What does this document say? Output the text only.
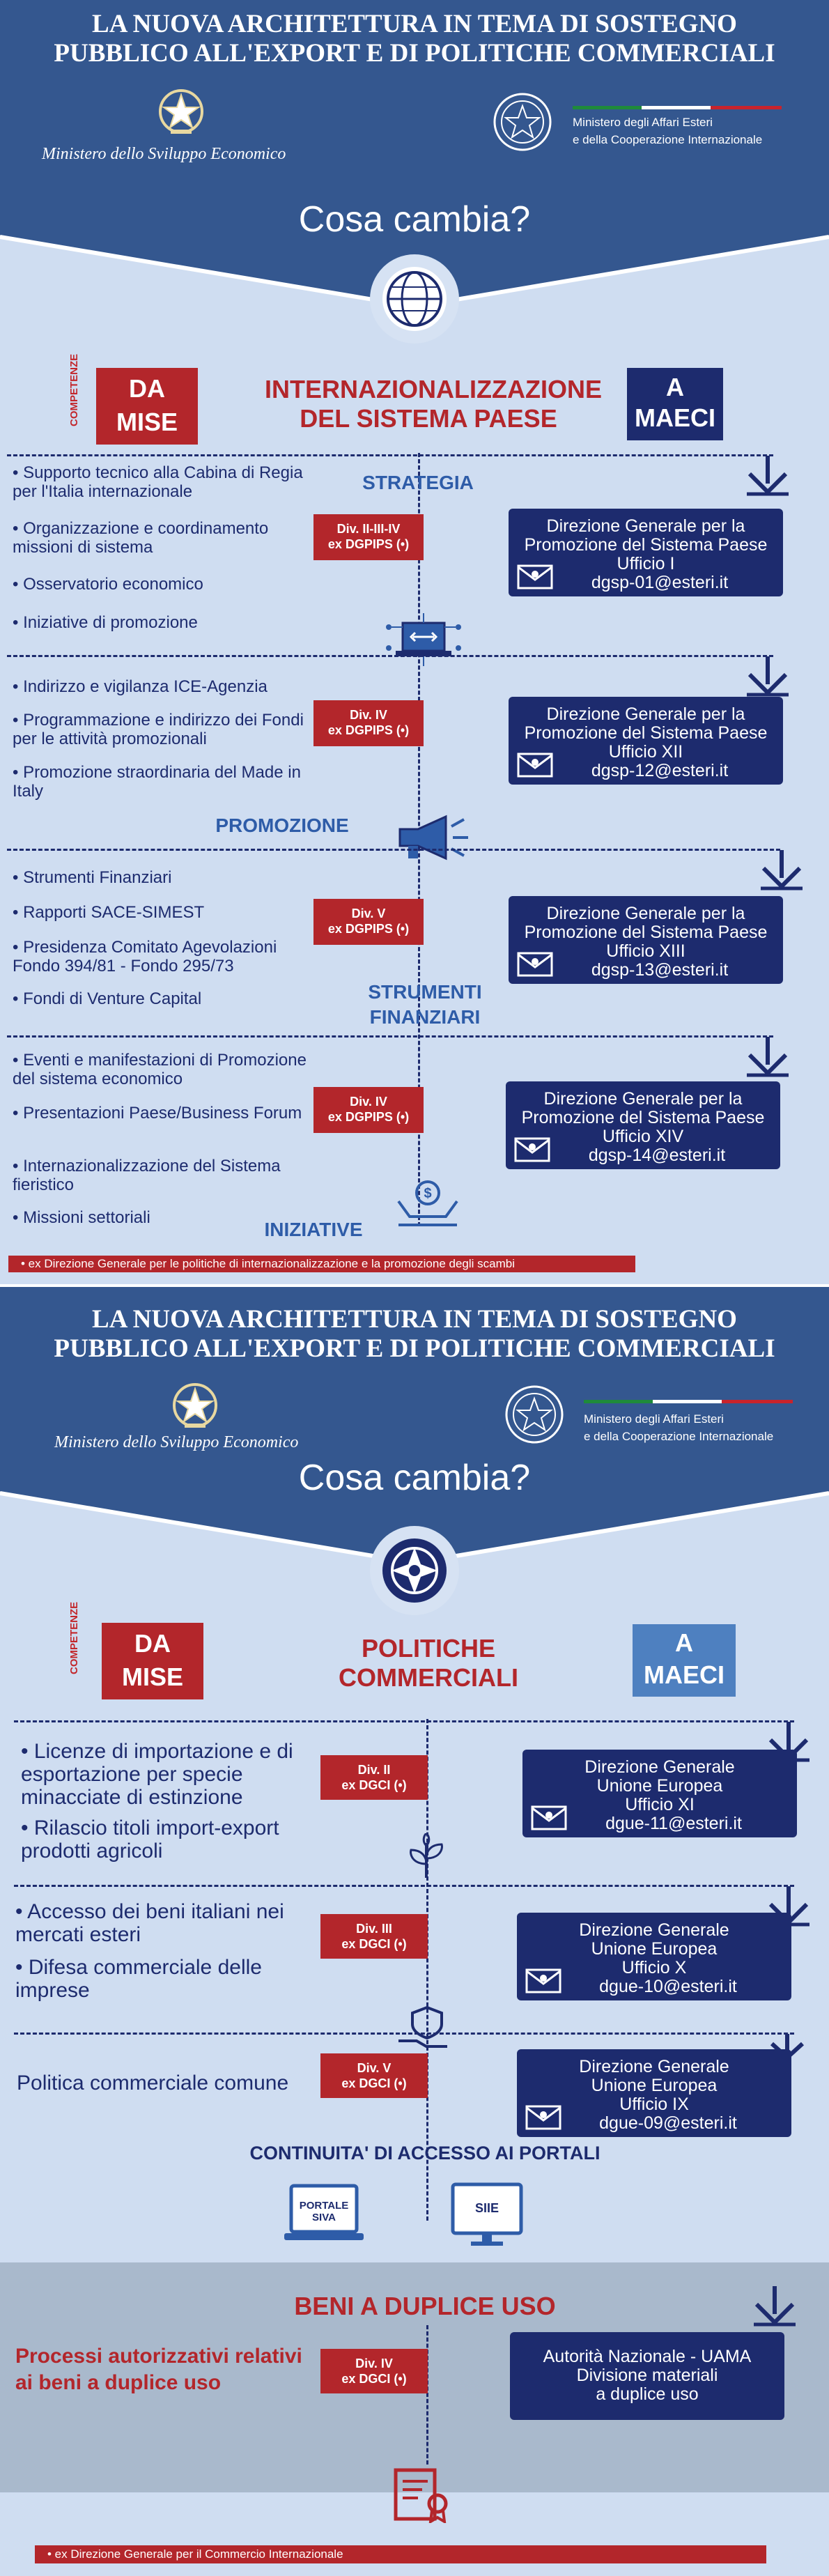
LA NUOVA ARCHITETTURA IN TEMA DI SOSTEGNO
PUBBLICO ALL'EXPORT E DI POLITICHE COMMERCIALI
Ministero dello Sviluppo Economico
Ministero degli Affari Esteri
e della Cooperazione Internazionale
Cosa cambia?
COMPETENZE	DA
MISE
INTERNAZIONALIZZAZIONE
DEL SISTEMA PAESE
A
MAECI
STRATEGIA
• Supporto tecnico alla Cabina di Regia per l'Italia internazionale
• Organizzazione e coordinamento missioni di sistema
• Osservatorio economico
• Iniziative di promozione
Div. II-III-IV
ex DGPIPS (•)
Direzione Generale per la
Promozione del Sistema Paese
Ufficio I
dgsp-01@esteri.it
• Indirizzo e vigilanza ICE-Agenzia
• Programmazione e indirizzo dei Fondi per le attività promozionali
• Promozione straordinaria del Made in Italy
Div. IV
ex DGPIPS (•)
Direzione Generale per la
Promozione del Sistema Paese
Ufficio XII
dgsp-12@esteri.it
PROMOZIONE
• Strumenti Finanziari
• Rapporti SACE-SIMEST
• Presidenza Comitato Agevolazioni Fondo 394/81 - Fondo 295/73
• Fondi di Venture Capital
Div. V
ex DGPIPS (•)
Direzione Generale per la
Promozione del Sistema Paese
Ufficio XIII
dgsp-13@esteri.it
STRUMENTI
FINANZIARI
• Eventi e manifestazioni di Promozione del sistema economico
• Presentazioni Paese/Business Forum
• Internazionalizzazione del Sistema fieristico
• Missioni settoriali
Div. IV
ex DGPIPS (•)
Direzione Generale per la
Promozione del Sistema Paese
Ufficio XIV
dgsp-14@esteri.it
$
INIZIATIVE
• ex Direzione Generale per le politiche di internazionalizzazione e la promozione degli scambi
LA NUOVA ARCHITETTURA IN TEMA DI SOSTEGNO
PUBBLICO ALL'EXPORT E DI POLITICHE COMMERCIALI
Ministero dello Sviluppo Economico
Ministero degli Affari Esteri
e della Cooperazione Internazionale
Cosa cambia?
COMPETENZE	DA
MISE
POLITICHE
COMMERCIALI
A
MAECI
• Licenze di importazione e di esportazione per specie minacciate di estinzione
• Rilascio titoli import-export prodotti agricoli
Div. II
ex DGCI (•)
Direzione Generale
Unione Europea
Ufficio XI
dgue-11@esteri.it
• Accesso dei beni italiani nei mercati esteri
• Difesa commerciale delle imprese
Div. III
ex DGCI (•)
Direzione Generale
Unione Europea
Ufficio X
dgue-10@esteri.it
Politica commerciale comune
Div. V
ex DGCI (•)
Direzione Generale
Unione Europea
Ufficio IX
dgue-09@esteri.it
CONTINUITA' DI ACCESSO AI PORTALI
PORTALE SIVA
SIIE
BENI A DUPLICE USO
Processi autorizzativi relativi
ai beni a duplice uso
Div. IV
ex DGCI (•)
Autorità Nazionale - UAMA
Divisione materiali
a duplice uso
• ex Direzione Generale per il Commercio Internazionale
